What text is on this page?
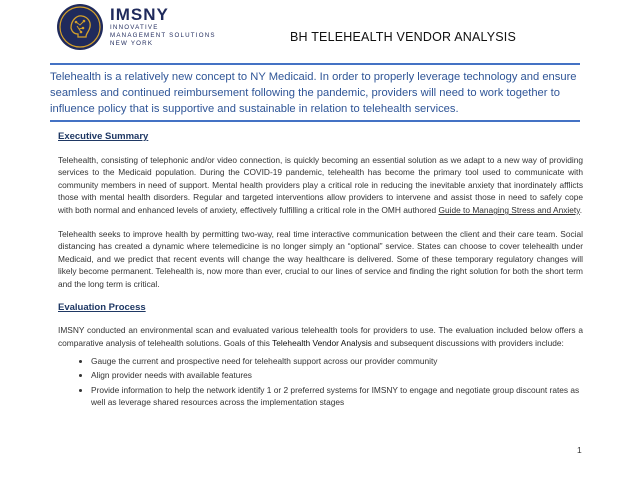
IMSNY
INNOVATIVE
MANAGEMENT SOLUTIONS
NEW YORK	BH TELEHEALTH VENDOR ANALYSIS
Telehealth is a relatively new concept to NY Medicaid. In order to properly leverage technology and ensure seamless and continued reimbursement following the pandemic, providers will need to work together to influence policy that is supportive and sustainable in relation to telehealth services.
Executive Summary

Telehealth, consisting of telephonic and/or video connection, is quickly becoming an essential solution as we adapt to a new way of providing services to the Medicaid population. During the COVID-19 pandemic, telehealth has become the primary tool used to communicate with community members in need of support. Mental health providers play a critical role in reducing the inevitable anxiety that inordinately afflicts those with mental health disorders. Regular and targeted interventions allow providers to intervene and assist those in need to safely cope with both normal and enhanced levels of anxiety, effectively fulfilling a critical role in the OMH authored Guide to Managing Stress and Anxiety.

Telehealth seeks to improve health by permitting two-way, real time interactive communication between the client and their care team. Social distancing has created a dynamic where telemedicine is no longer simply an “optional” service. States can choose to cover telehealth under Medicaid, and we predict that recent events will change the way healthcare is delivered. Some of these temporary regulatory changes will likely become permanent. Telehealth is, now more than ever, crucial to our lines of service and finding the right solution for both the short term and the long term is critical.

Evaluation Process

IMSNY conducted an environmental scan and evaluated various telehealth tools for providers to use. The evaluation included below offers a comparative analysis of telehealth solutions. Goals of this Telehealth Vendor Analysis and subsequent discussions with providers include:

• Gauge the current and prospective need for telehealth support across our provider community
• Align provider needs with available features
• Provide information to help the network identify 1 or 2 preferred systems for IMSNY to engage and negotiate group discount rates as well as leverage shared resources across the implementation stages
1
